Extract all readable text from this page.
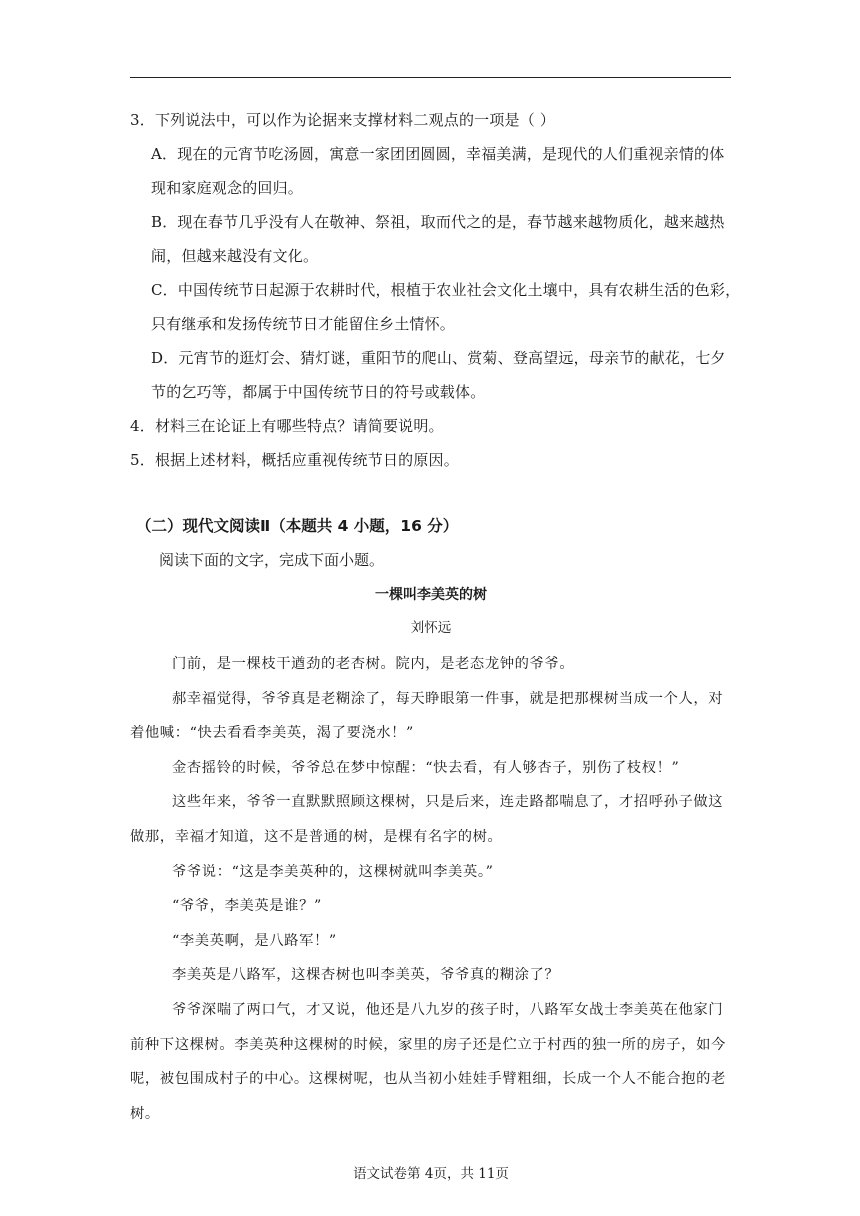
3．下列说法中，可以作为论据来支撑材料二观点的一项是（ ）
A．现在的元宵节吃汤圆，寓意一家团团圆圆，幸福美满，是现代的人们重视亲情的体
现和家庭观念的回归。
B．现在春节几乎没有人在敬神、祭祖，取而代之的是，春节越来越物质化，越来越热
闹，但越来越没有文化。
C．中国传统节日起源于农耕时代，根植于农业社会文化土壤中，具有农耕生活的色彩，
只有继承和发扬传统节日才能留住乡土情怀。
D．元宵节的逛灯会、猜灯谜，重阳节的爬山、赏菊、登高望远，母亲节的献花，七夕
节的乞巧等，都属于中国传统节日的符号或载体。
4．材料三在论证上有哪些特点？请简要说明。
5．根据上述材料，概括应重视传统节日的原因。
（二）现代文阅读Ⅱ（本题共 4 小题，16 分）
阅读下面的文字，完成下面小题。
一棵叫李美英的树
刘怀远
门前，是一棵枝干遒劲的老杏树。院内，是老态龙钟的爷爷。
郝幸福觉得，爷爷真是老糊涂了，每天睁眼第一件事，就是把那棵树当成一个人，对
着他喊：“快去看看李美英，渴了要浇水！”
金杏摇铃的时候，爷爷总在梦中惊醒：“快去看，有人够杏子，别伤了枝杈！”
这些年来，爷爷一直默默照顾这棵树，只是后来，连走路都喘息了，才招呼孙子做这
做那，幸福才知道，这不是普通的树，是棵有名字的树。
爷爷说：“这是李美英种的，这棵树就叫李美英。”
“爷爷，李美英是谁？”
“李美英啊，是八路军！”
李美英是八路军，这棵杏树也叫李美英，爷爷真的糊涂了？
爷爷深喘了两口气，才又说，他还是八九岁的孩子时，八路军女战士李美英在他家门
前种下这棵树。李美英种这棵树的时候，家里的房子还是伫立于村西的独一所的房子，如今
呢，被包围成村子的中心。这棵树呢，也从当初小娃娃手臂粗细，长成一个人不能合抱的老
树。
语文试卷第 4页，共 11页
